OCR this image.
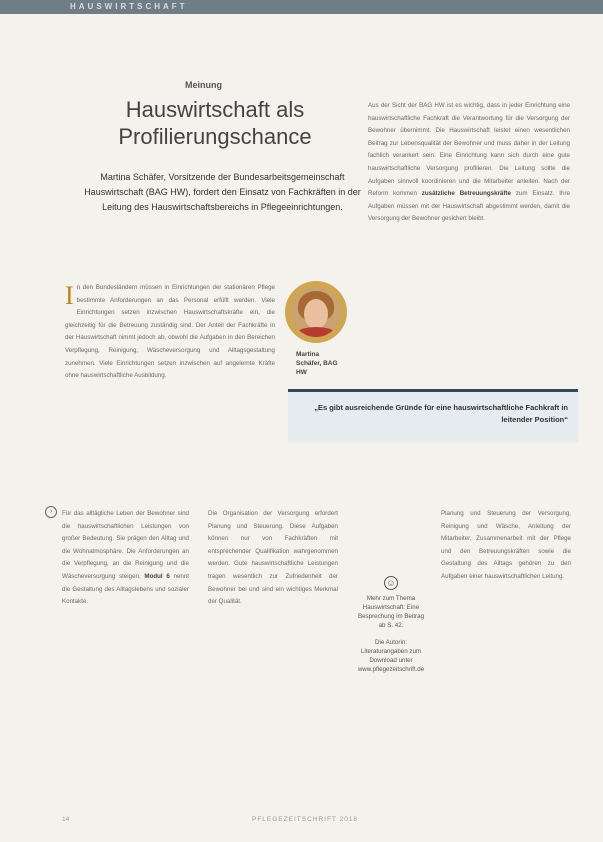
HAUSWIRTSCHAFT
Meinung
Hauswirtschaft als Profilierungschance
Martina Schäfer, Vorsitzende der Bundesarbeitsgemeinschaft Hauswirtschaft (BAG HW), fordert den Einsatz von Fachkräften in der Leitung des Hauswirtschaftsbereichs in Pflegeeinrichtungen.
Aus der Sicht der BAG HW ist es wichtig, dass in jeder Einrichtung eine hauswirtschaftliche Fachkraft die Verantwortung für die Versorgung der Bewohner übernimmt. Die Hauswirtschaft leistet einen wesentlichen Beitrag zur Lebensqualität der Bewohner und muss daher in der Leitung fachlich verankert sein. Eine Einrichtung kann sich durch eine gute hauswirtschaftliche Versorgung profilieren. Die Leitung sollte die Aufgaben sinnvoll koordinieren und die Mitarbeiter anleiten. Nach der Reform kommen zusätzliche Betreuungskräfte zum Einsatz. Ihre Aufgaben müssen mit der Hauswirtschaft abgestimmt werden, damit die Versorgung der Bewohner gesichert bleibt.
I n den Bundesländern müssen in Einrichtungen der stationären Pflege bestimmte Anforderungen an das Personal erfüllt werden. Viele Einrichtungen setzen inzwischen Hauswirtschaftskräfte ein, die gleichzeitig für die Betreuung zuständig sind. Der Anteil der Fachkräfte in der Hauswirtschaft nimmt jedoch ab, obwohl die Aufgaben in den Bereichen Verpflegung, Reinigung, Wäscheversorgung und Alltagsgestaltung zunehmen. Viele Einrichtungen setzen inzwischen auf angelernte Kräfte ohne hauswirtschaftliche Ausbildung.
Martina Schäfer, BAG HW
„Es gibt ausreichende Gründe für eine hauswirtschaftliche Fachkraft in leitender Position“
›	Für das alltägliche Leben der Bewohner sind die hauswirtschaftlichen Leistungen von großer Bedeutung. Sie prägen den Alltag und die Wohnatmosphäre. Die Anforderungen an die Verpflegung, an die Reinigung und die Wäscheversorgung steigen. Modul 6 nennt die Gestaltung des Alltagslebens und sozialer Kontakte.
Die Organisation der Versorgung erfordert Planung und Steuerung. Diese Aufgaben können nur von Fachkräften mit entsprechender Qualifikation wahrgenommen werden. Gute hauswirtschaftliche Leistungen tragen wesentlich zur Zufriedenheit der Bewohner bei und sind ein wichtiges Merkmal der Qualität.
☺

Mehr zum Thema Hauswirtschaft: Eine Besprechung im Beitrag ab S. 42.

Die Autorin: Literaturangaben zum Download unter www.pflegezeitschrift.de

Planung und Steuerung der Versorgung, Reinigung und Wäsche, Anleitung der Mitarbeiter, Zusammenarbeit mit der Pflege und den Betreuungskräften sowie die Gestaltung des Alltags gehören zu den Aufgaben einer hauswirtschaftlichen Leitung.
14	PFLEGEZEITSCHRIFT 2018
